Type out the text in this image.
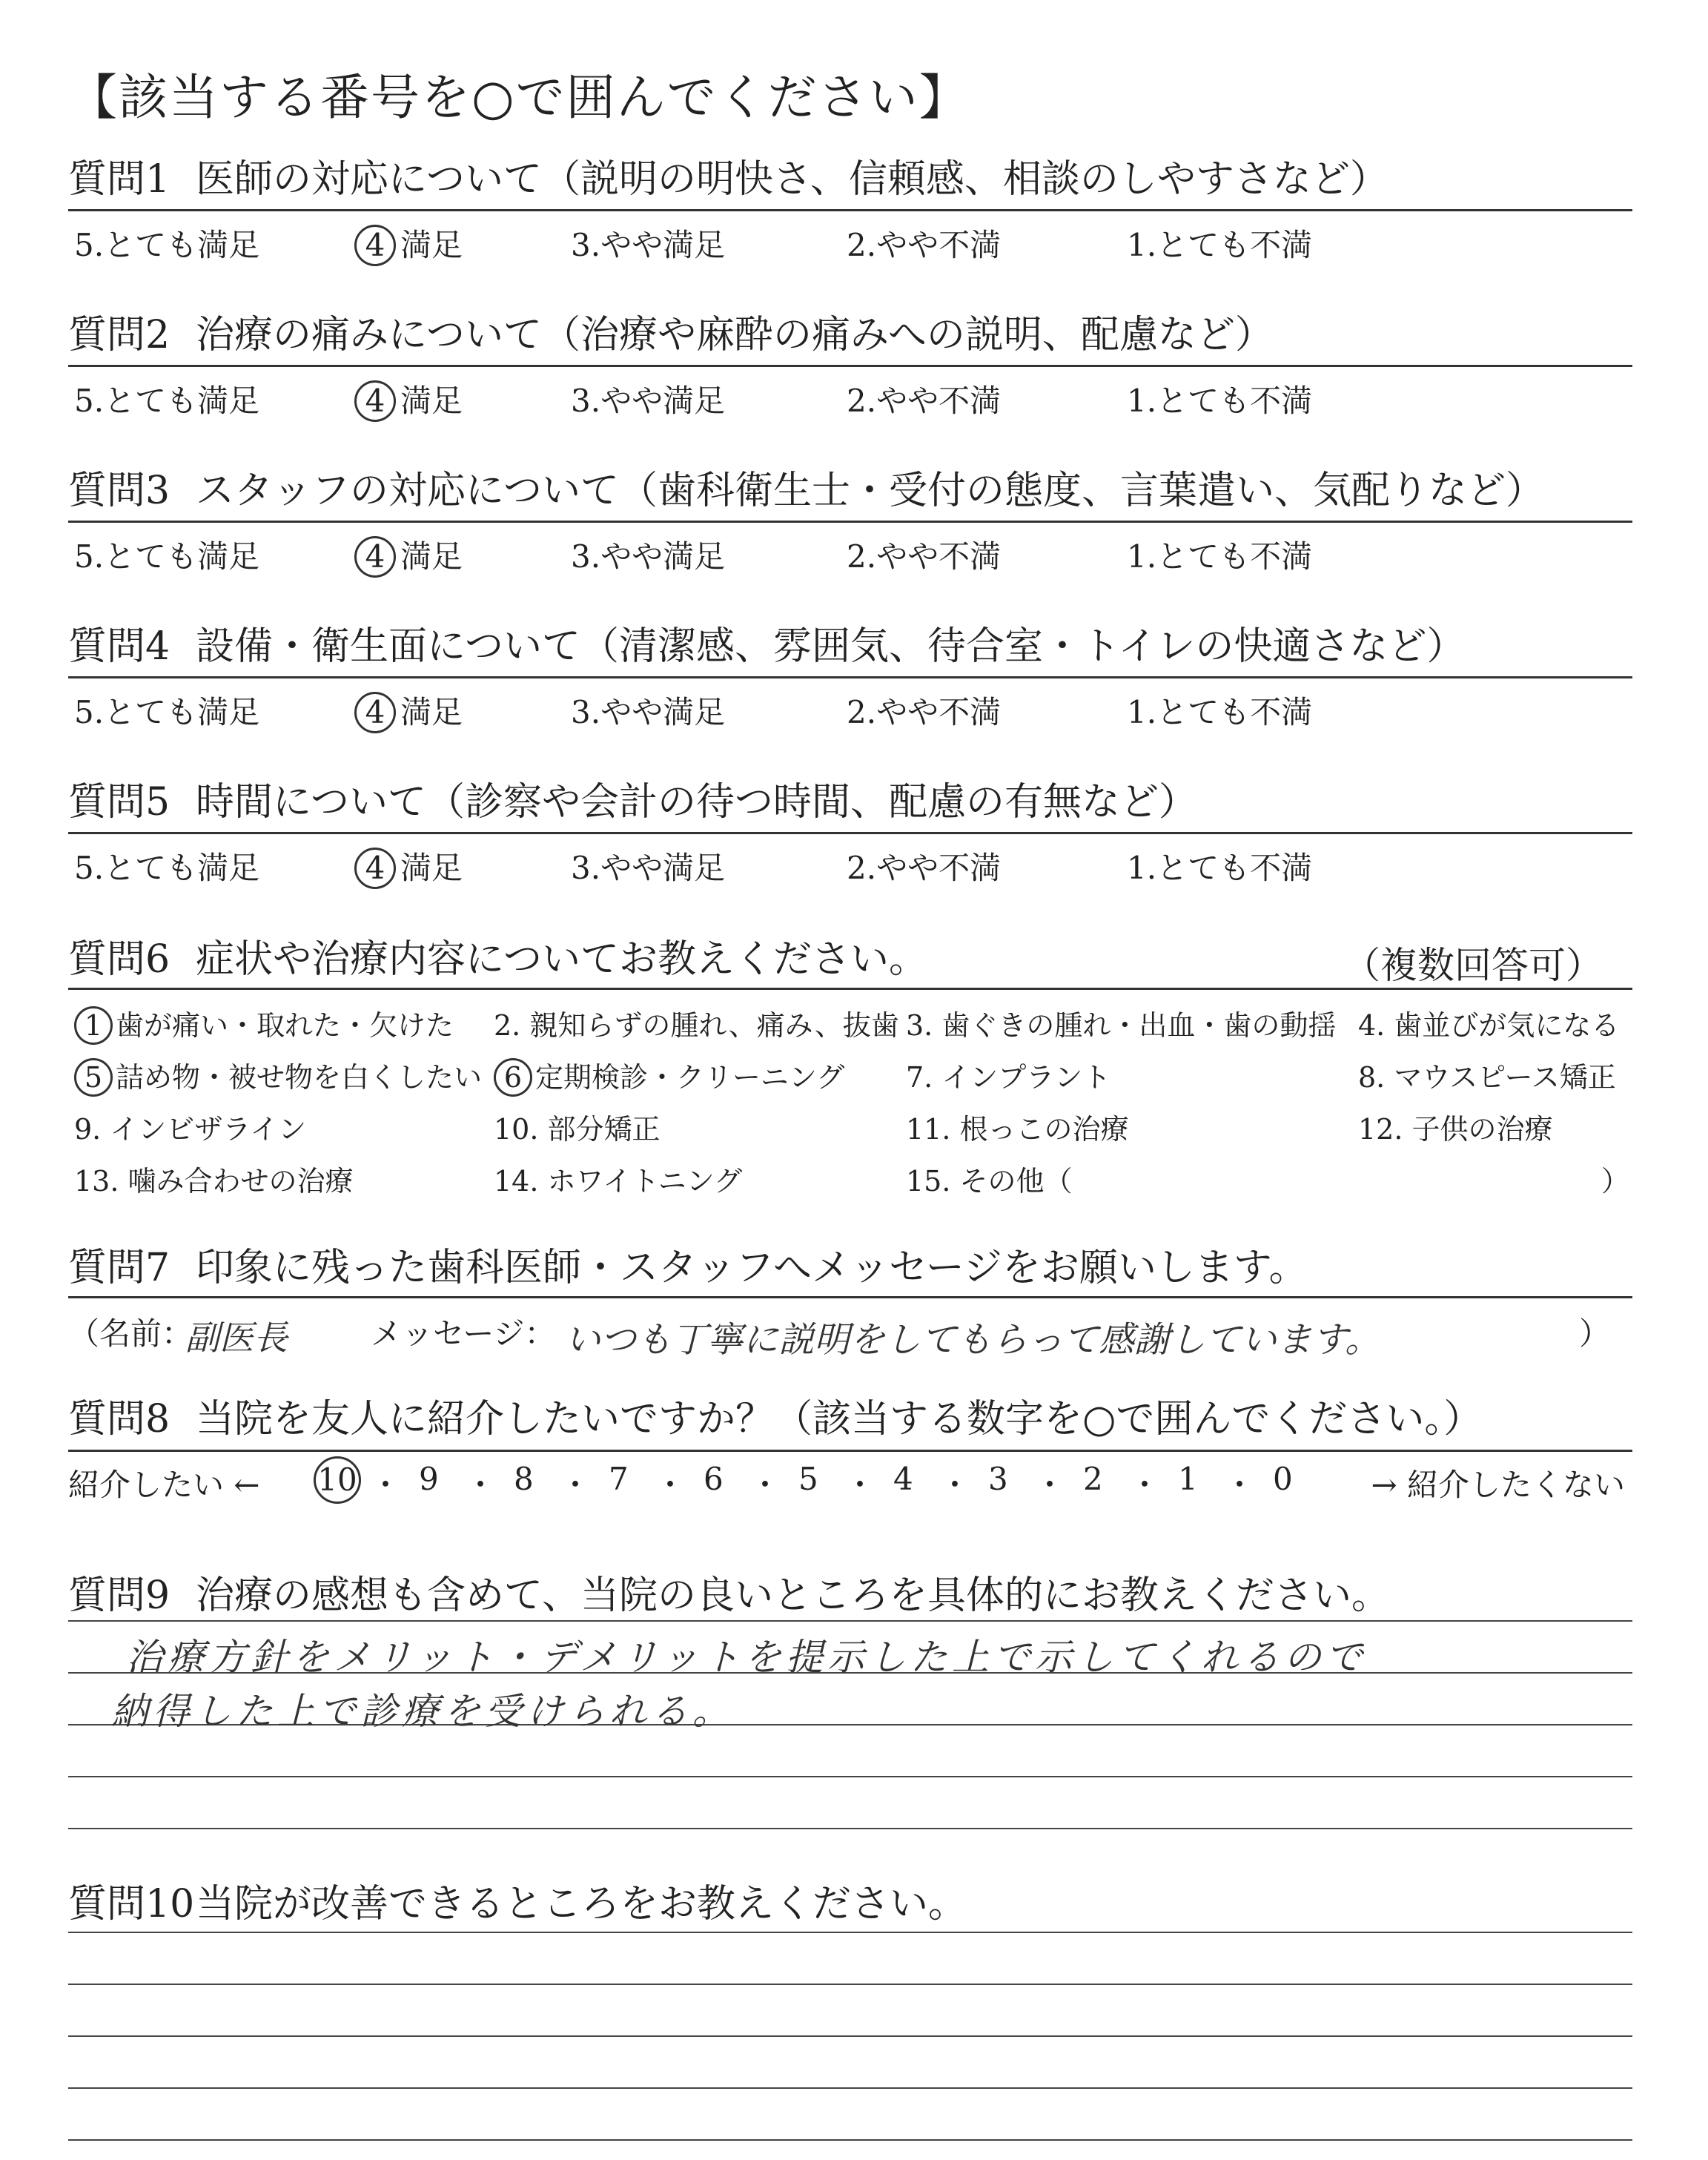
【該当する番号を○で囲んでください】
質問1 医師の対応について（説明の明快さ、信頼感、相談のしやすさなど）
5.とても満足	4 満足	3.やや満足	2.やや不満	1.とても不満
質問2 治療の痛みについて（治療や麻酔の痛みへの説明、配慮など）
5.とても満足	4 満足	3.やや満足	2.やや不満	1.とても不満
質問3 スタッフの対応について（歯科衛生士・受付の態度、言葉遣い、気配りなど）
5.とても満足	4 満足	3.やや満足	2.やや不満	1.とても不満
質問4 設備・衛生面について（清潔感、雰囲気、待合室・トイレの快適さなど）
5.とても満足	4 満足	3.やや満足	2.やや不満	1.とても不満
質問5 時間について（診察や会計の待つ時間、配慮の有無など）
5.とても満足	4 満足	3.やや満足	2.やや不満	1.とても不満
質問6 症状や治療内容についてお教えください。	（複数回答可）
1 歯が痛い・取れた・欠けた 2. 親知らずの腫れ、痛み、抜歯 3. 歯ぐきの腫れ・出血・歯の動揺 4. 歯並びが気になる
5 詰め物・被せ物を白くしたい 6 定期検診・クリーニング 7. インプラント	8. マウスピース矯正
9. インビザライン	10. 部分矯正	11. 根っこの治療	12. 子供の治療
13. 噛み合わせの治療	14. ホワイトニング	15. その他（	）
質問7 印象に残った歯科医師・スタッフへメッセージをお願いします。
（名前：
副医長	メッセージ： いつも丁寧に説明をしてもらって感謝しています。	）
質問8 当院を友人に紹介したいですか？（該当する数字を○で囲んでください。）
紹介したい ←	→ 紹介したくない
10 ・ 9 ・ 8 ・ 7 ・ 6 ・ 5 ・ 4 ・ 3 ・ 2 ・ 1 ・ 0
質問9 治療の感想も含めて、当院の良いところを具体的にお教えください。
治療方針をメリット・デメリットを提示した上で示してくれるので
納得した上で診療を受けられる。
質問10当院が改善できるところをお教えください。
